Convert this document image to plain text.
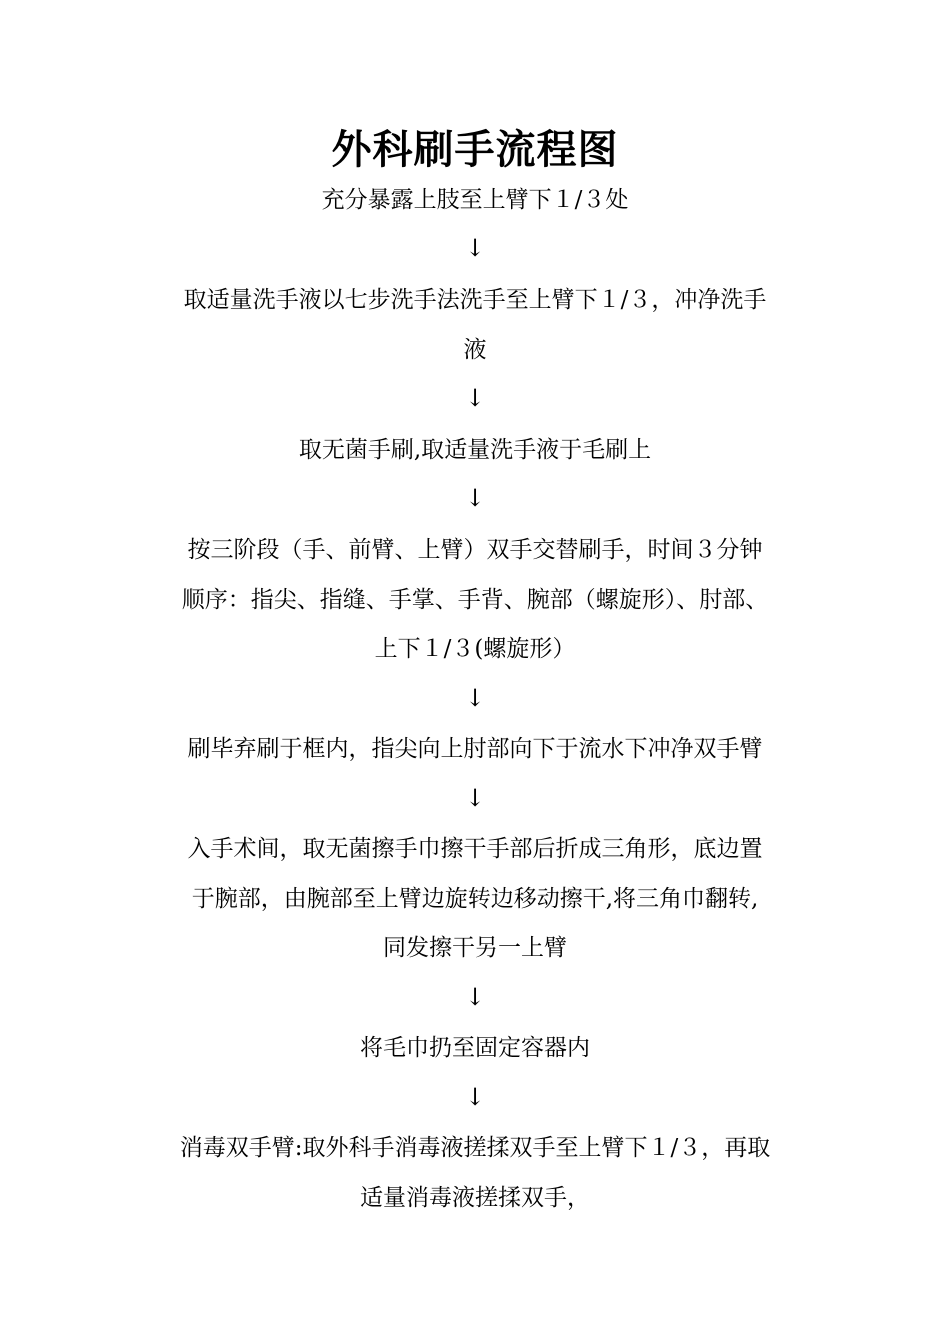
外科刷手流程图
充分暴露上肢至上臂下１/３处
↓
取适量洗手液以七步洗手法洗手至上臂下１/３，冲净洗手
液
↓
取无菌手刷,取适量洗手液于毛刷上
↓
按三阶段（手、前臂、上臂）双手交替刷手，时间３分钟
顺序：指尖、指缝、手掌、手背、腕部（螺旋形）、肘部、
上下１/３(螺旋形）
↓
刷毕弃刷于框内，指尖向上肘部向下于流水下冲净双手臂
↓
入手术间，取无菌擦手巾擦干手部后折成三角形，底边置
于腕部，由腕部至上臂边旋转边移动擦干,将三角巾翻转,
同发擦干另一上臂
↓
将毛巾扔至固定容器内
↓
消毒双手臂:取外科手消毒液搓揉双手至上臂下１/３，再取
适量消毒液搓揉双手，
